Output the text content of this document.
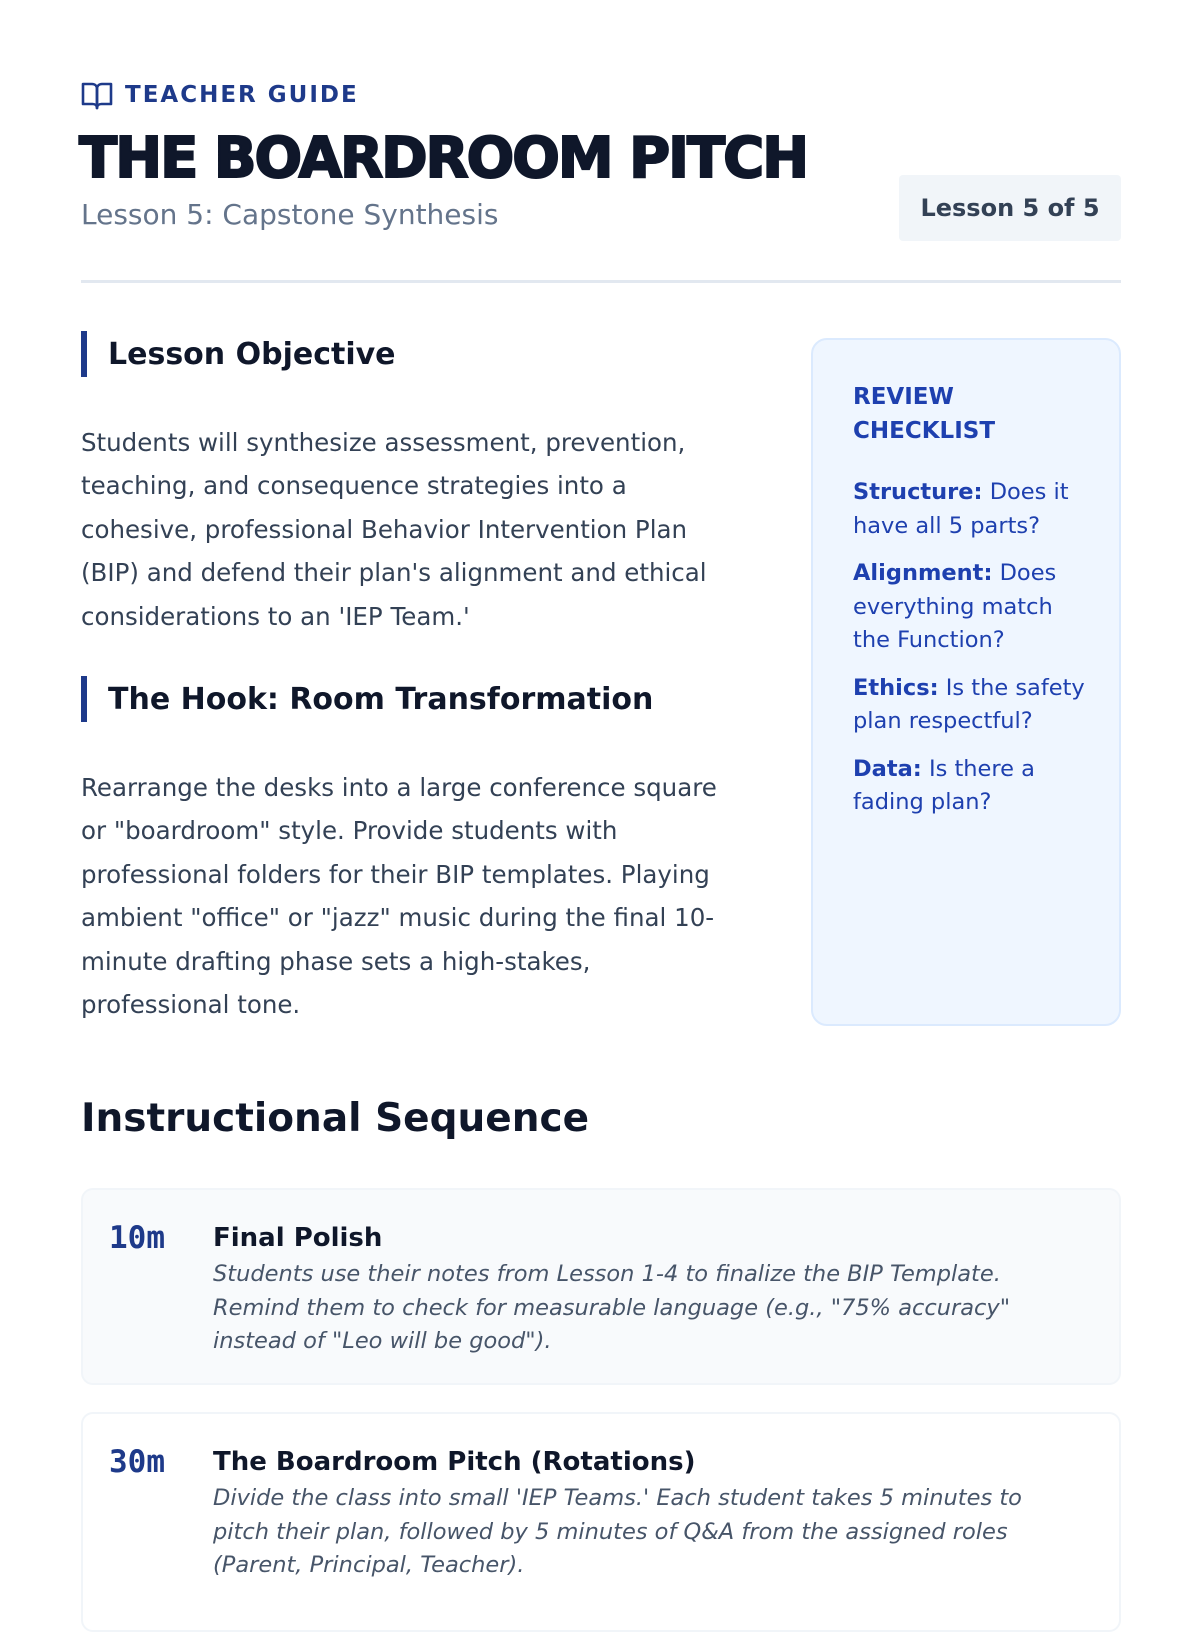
TEACHER GUIDE
THE BOARDROOM PITCH
Lesson 5: Capstone Synthesis	Lesson 5 of 5
Lesson Objective

Students will synthesize assessment, prevention, teaching, and consequence strategies into a cohesive, professional Behavior Intervention Plan (BIP) and defend their plan's alignment and ethical considerations to an 'IEP Team.'

The Hook: Room Transformation

Rearrange the desks into a large conference square or "boardroom" style. Provide students with professional folders for their BIP templates. Playing ambient "office" or "jazz" music during the final 10-minute drafting phase sets a high-stakes, professional tone.

REVIEW CHECKLIST

Structure: Does it have all 5 parts?

Alignment: Does everything match the Function?

Ethics: Is the safety plan respectful?

Data: Is there a fading plan?

Instructional Sequence
10m Final Polish
Students use their notes from Lesson 1-4 to finalize the BIP Template. Remind them to check for measurable language (e.g., "75% accuracy" instead of "Leo will be good").
30m The Boardroom Pitch (Rotations)
Divide the class into small 'IEP Teams.' Each student takes 5 minutes to pitch their plan, followed by 5 minutes of Q&A from the assigned roles (Parent, Principal, Teacher).
